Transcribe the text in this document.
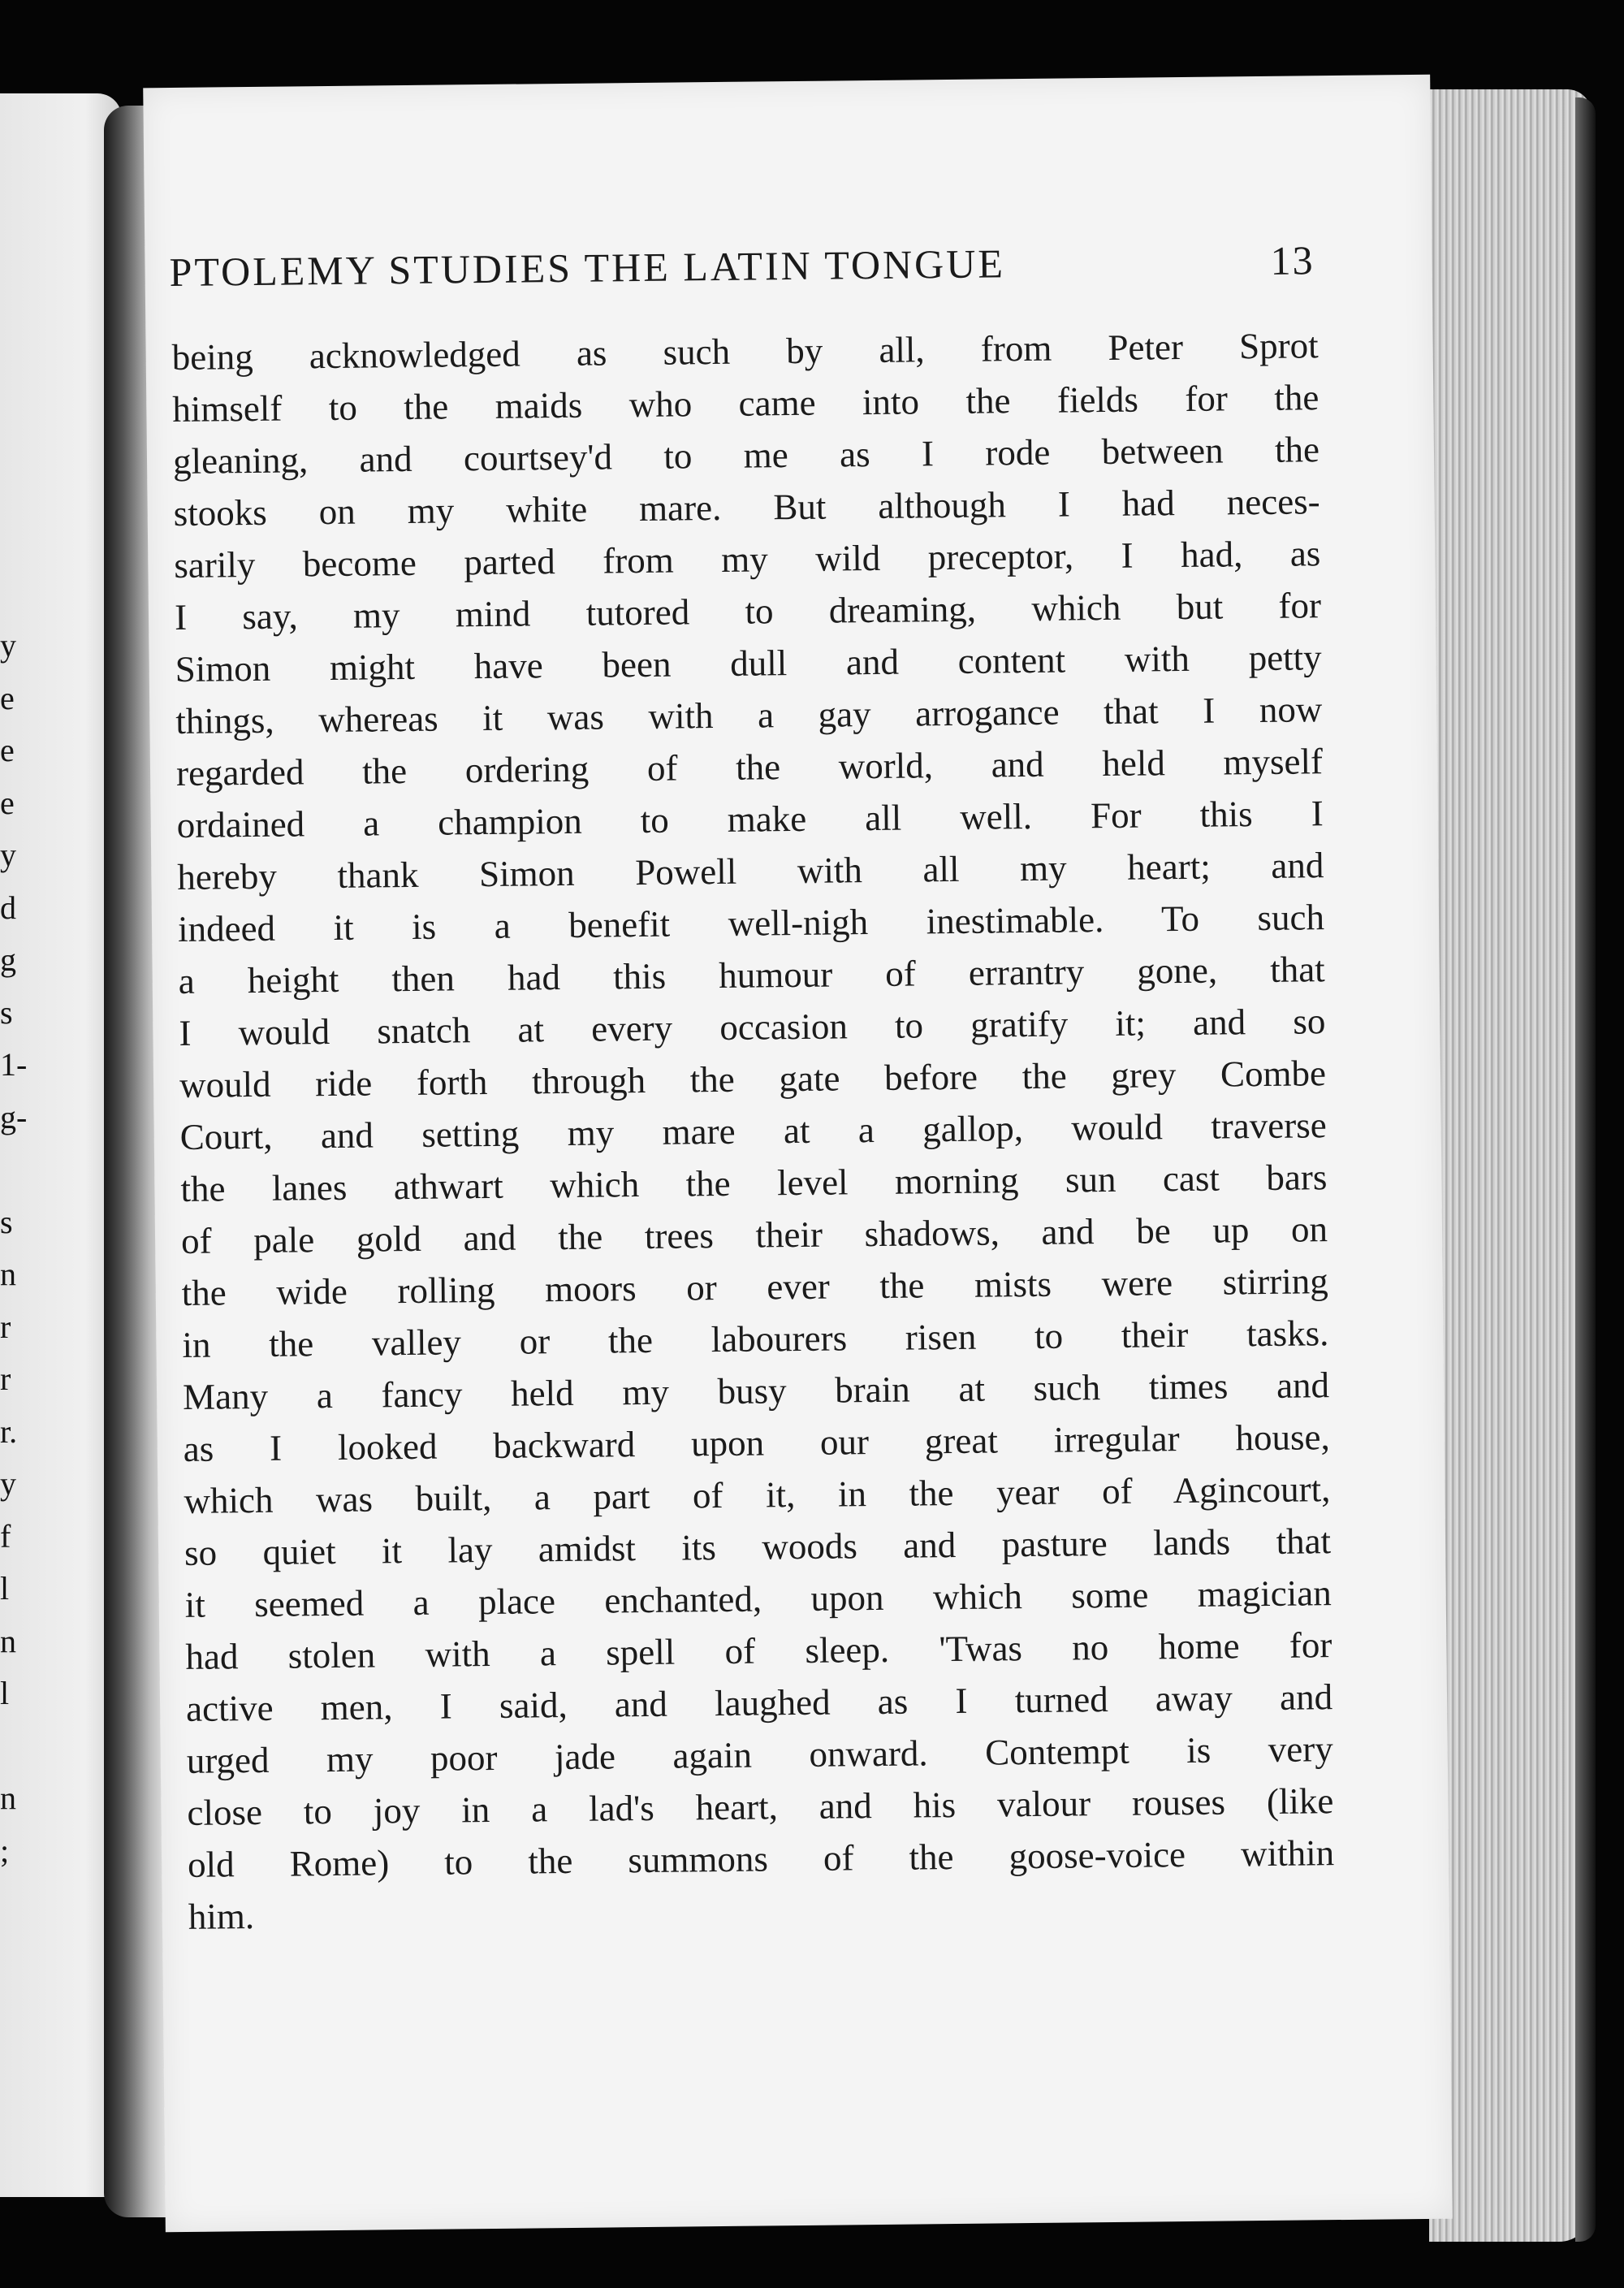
y
e
e
e
y
d
g
s
1-
g-
s
n
r
r
r.
y
f
l
n
l
n
;
PTOLEMY STUDIES THE LATIN TONGUE	13
being acknowledged as such by all, from Peter Sprot
himself to the maids who came into the fields for the
gleaning, and courtsey'd to me as I rode between the
stooks on my white mare. But although I had neces-
sarily become parted from my wild preceptor, I had, as
I say, my mind tutored to dreaming, which but for
Simon might have been dull and content with petty
things, whereas it was with a gay arrogance that I now
regarded the ordering of the world, and held myself
ordained a champion to make all well. For this I
hereby thank Simon Powell with all my heart; and
indeed it is a benefit well-nigh inestimable. To such
a height then had this humour of errantry gone, that
I would snatch at every occasion to gratify it; and so
would ride forth through the gate before the grey Combe
Court, and setting my mare at a gallop, would traverse
the lanes athwart which the level morning sun cast bars
of pale gold and the trees their shadows, and be up on
the wide rolling moors or ever the mists were stirring
in the valley or the labourers risen to their tasks.
Many a fancy held my busy brain at such times and
as I looked backward upon our great irregular house,
which was built, a part of it, in the year of Agincourt,
so quiet it lay amidst its woods and pasture lands that
it seemed a place enchanted, upon which some magician
had stolen with a spell of sleep. 'Twas no home for
active men, I said, and laughed as I turned away and
urged my poor jade again onward. Contempt is very
close to joy in a lad's heart, and his valour rouses (like
old Rome) to the summons of the goose-voice within
him.
